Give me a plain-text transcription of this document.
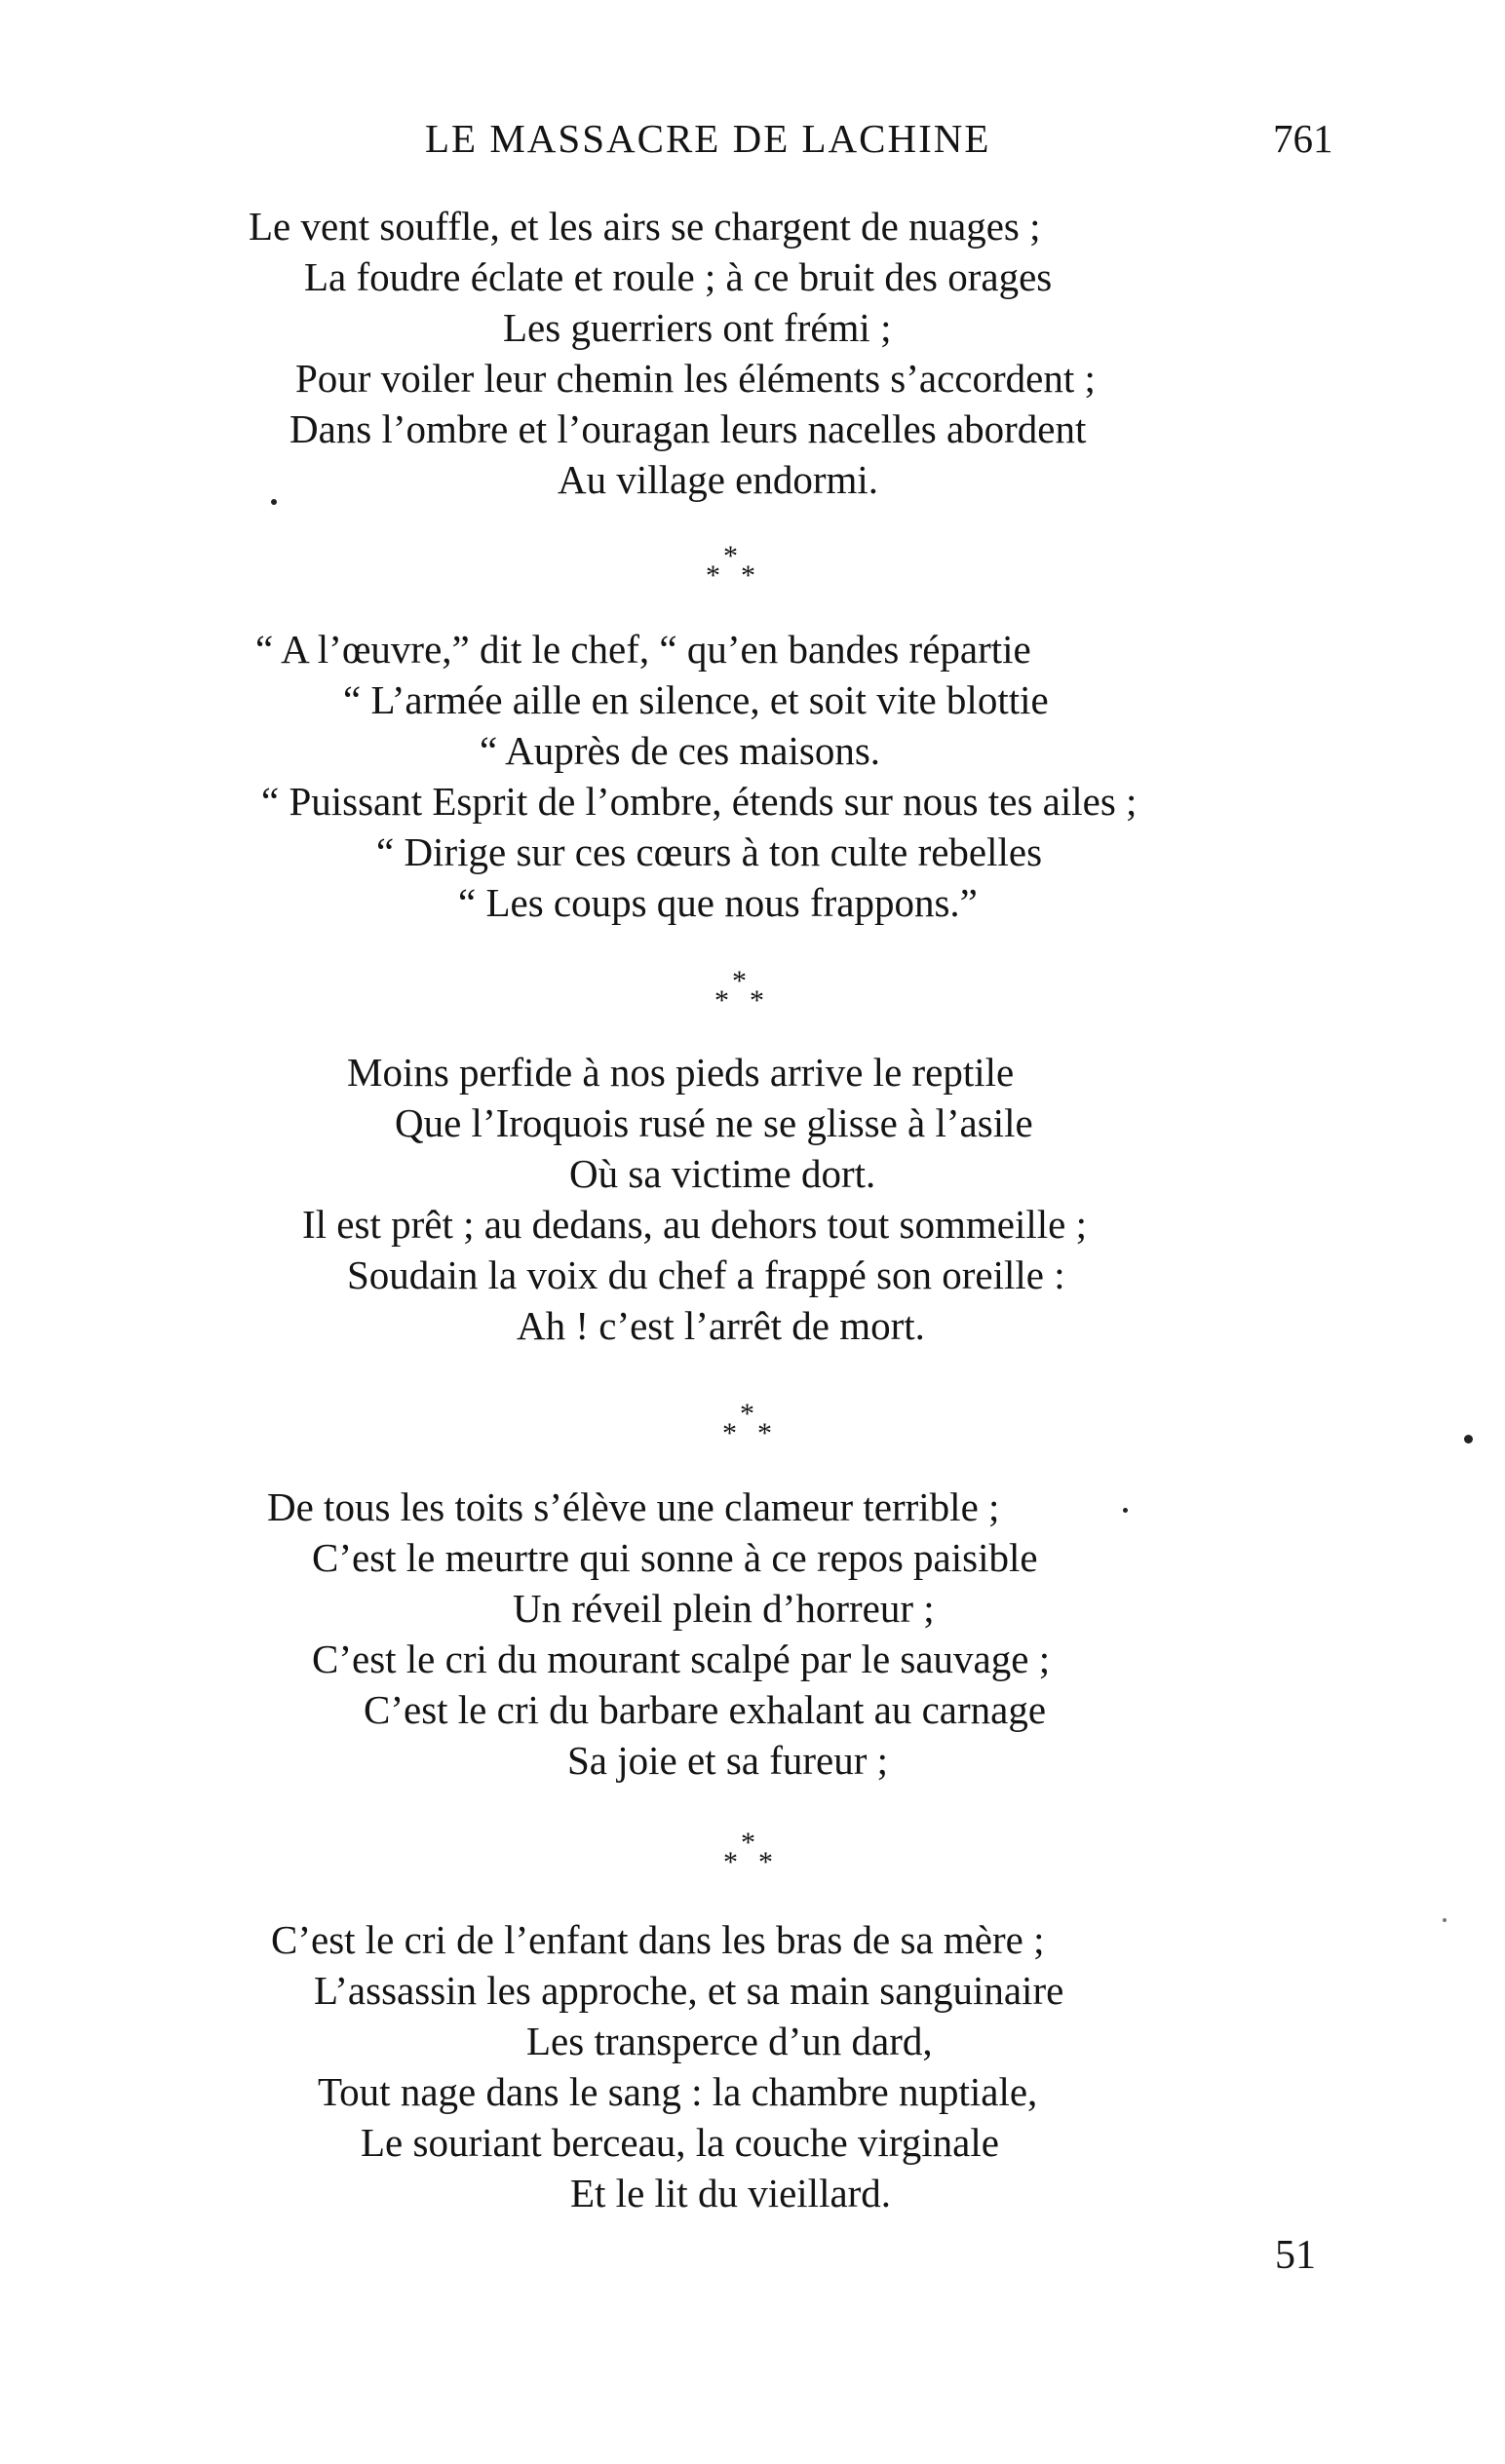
LE MASSACRE DE LACHINE	761
Le vent souffle, et les airs se chargent de nuages ;
La foudre éclate et roule ; à ce bruit des orages
Les guerriers ont frémi ;
Pour voiler leur chemin les éléments s’accordent ;
Dans l’ombre et l’ouragan leurs nacelles abordent
Au village endormi.
*
* *
“ A l’œuvre,” dit le chef, “ qu’en bandes répartie
“ L’armée aille en silence, et soit vite blottie
“ Auprès de ces maisons.
“ Puissant Esprit de l’ombre, étends sur nous tes ailes ;
“ Dirige sur ces cœurs à ton culte rebelles
“ Les coups que nous frappons.”
*
* *
Moins perfide à nos pieds arrive le reptile
Que l’Iroquois rusé ne se glisse à l’asile
Où sa victime dort.
Il est prêt ; au dedans, au dehors tout sommeille ;
Soudain la voix du chef a frappé son oreille :
Ah ! c’est l’arrêt de mort.
*
* *
De tous les toits s’élève une clameur terrible ;
C’est le meurtre qui sonne à ce repos paisible
Un réveil plein d’horreur ;
C’est le cri du mourant scalpé par le sauvage ;
C’est le cri du barbare exhalant au carnage
Sa joie et sa fureur ;
*
* *
C’est le cri de l’enfant dans les bras de sa mère ;
L’assassin les approche, et sa main sanguinaire
Les transperce d’un dard,
Tout nage dans le sang : la chambre nuptiale,
Le souriant berceau, la couche virginale
Et le lit du vieillard.
51
